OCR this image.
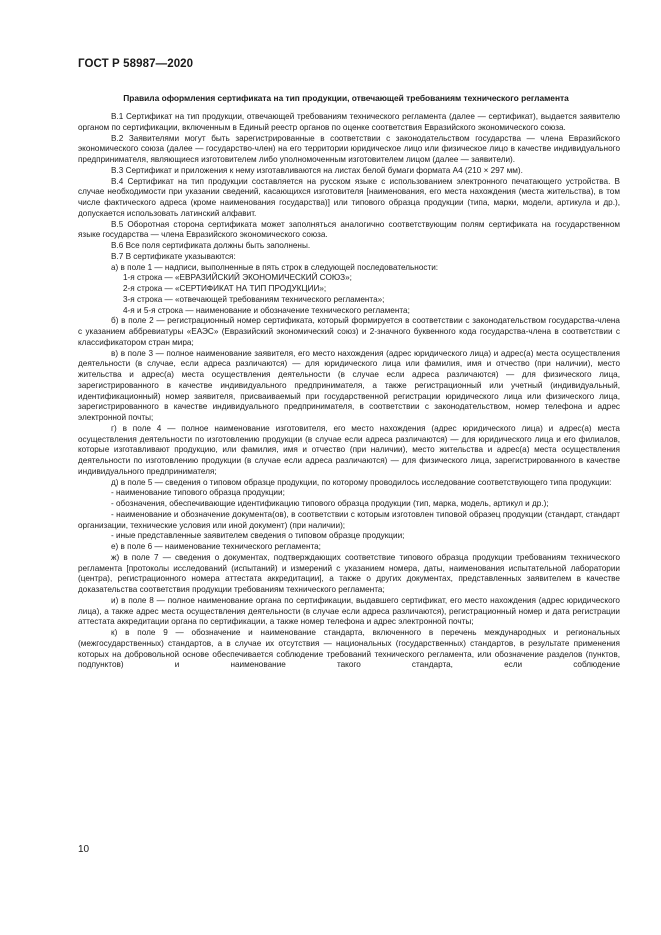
ГОСТ Р 58987—2020
Правила оформления сертификата на тип продукции, отвечающей требованиям технического регламента

В.1 Сертификат на тип продукции, отвечающей требованиям технического регламента (далее — сертификат), выдается заявителю органом по сертификации, включенным в Единый реестр органов по оценке соответствия Евразийского экономического союза.

В.2 Заявителями могут быть зарегистрированные в соответствии с законодательством государства — члена Евразийского экономического союза (далее — государство-член) на его территории юридическое лицо или физическое лицо в качестве индивидуального предпринимателя, являющиеся изготовителем либо уполномоченным изготовителем лицом (далее — заявители).

В.3 Сертификат и приложения к нему изготавливаются на листах белой бумаги формата А4 (210 × 297 мм).

В.4 Сертификат на тип продукции составляется на русском языке с использованием электронного печатающего устройства. В случае необходимости при указании сведений, касающихся изготовителя [наименования, его места нахождения (места жительства), в том числе фактического адреса (кроме наименования государства)] или типового образца продукции (типа, марки, модели, артикула и др.), допускается использовать латинский алфавит.

В.5 Оборотная сторона сертификата может заполняться аналогично соответствующим полям сертификата на государственном языке государства — члена Евразийского экономического союза.

В.6 Все поля сертификата должны быть заполнены.

В.7 В сертификате указываются:

а) в поле 1 — надписи, выполненные в пять строк в следующей последовательности:

1-я строка — «ЕВРАЗИЙСКИЙ ЭКОНОМИЧЕСКИЙ СОЮЗ»;

2-я строка — «СЕРТИФИКАТ НА ТИП ПРОДУКЦИИ»;

3-я строка — «отвечающей требованиям технического регламента»;

4-я и 5-я строка — наименование и обозначение технического регламента;

б) в поле 2 — регистрационный номер сертификата, который формируется в соответствии с законодательством государства-члена с указанием аббревиатуры «ЕАЭС» (Евразийский экономический союз) и 2-значного буквенного кода государства-члена в соответствии с классификатором стран мира;

в) в поле 3 — полное наименование заявителя, его место нахождения (адрес юридического лица) и адрес(а) места осуществления деятельности (в случае, если адреса различаются) — для юридического лица или фамилия, имя и отчество (при наличии), место жительства и адрес(а) места осуществления деятельности (в случае если адреса различаются) — для физического лица, зарегистрированного в качестве индивидуального предпринимателя, а также регистрационный или учетный (индивидуальный, идентификационный) номер заявителя, присваиваемый при государственной регистрации юридического лица или физического лица, зарегистрированного в качестве индивидуального предпринимателя, в соответствии с законодательством, номер телефона и адрес электронной почты;

г) в поле 4 — полное наименование изготовителя, его место нахождения (адрес юридического лица) и адрес(а) места осуществления деятельности по изготовлению продукции (в случае если адреса различаются) — для юридического лица и его филиалов, которые изготавливают продукцию, или фамилия, имя и отчество (при наличии), место жительства и адрес(а) места осуществления деятельности по изготовлению продукции (в случае если адреса различаются) — для физического лица, зарегистрированного в качестве индивидуального предпринимателя;

д) в поле 5 — сведения о типовом образце продукции, по которому проводилось исследование соответствующего типа продукции:

- наименование типового образца продукции;

- обозначения, обеспечивающие идентификацию типового образца продукции (тип, марка, модель, артикул и др.);

- наименование и обозначение документа(ов), в соответствии с которым изготовлен типовой образец продукции (стандарт, стандарт организации, технические условия или иной документ) (при наличии);

- иные представленные заявителем сведения о типовом образце продукции;

е) в поле 6 — наименование технического регламента;

ж) в поле 7 — сведения о документах, подтверждающих соответствие типового образца продукции требованиям технического регламента [протоколы исследований (испытаний) и измерений с указанием номера, даты, наименования испытательной лаборатории (центра), регистрационного номера аттестата аккредитации], а также о других документах, представленных заявителем в качестве доказательства соответствия продукции требованиям технического регламента;

и) в поле 8 — полное наименование органа по сертификации, выдавшего сертификат, его место нахождения (адрес юридического лица), а также адрес места осуществления деятельности (в случае если адреса различаются), регистрационный номер и дата регистрации аттестата аккредитации органа по сертификации, а также номер телефона и адрес электронной почты;

к) в поле 9 — обозначение и наименование стандарта, включенного в перечень международных и региональных (межгосударственных) стандартов, а в случае их отсутствия — национальных (государственных) стандартов, в результате применения которых на добровольной основе обеспечивается соблюдение требований технического регламента, или обозначение разделов (пунктов, подпунктов) и наименование такого стандарта, если соблюдение

10
